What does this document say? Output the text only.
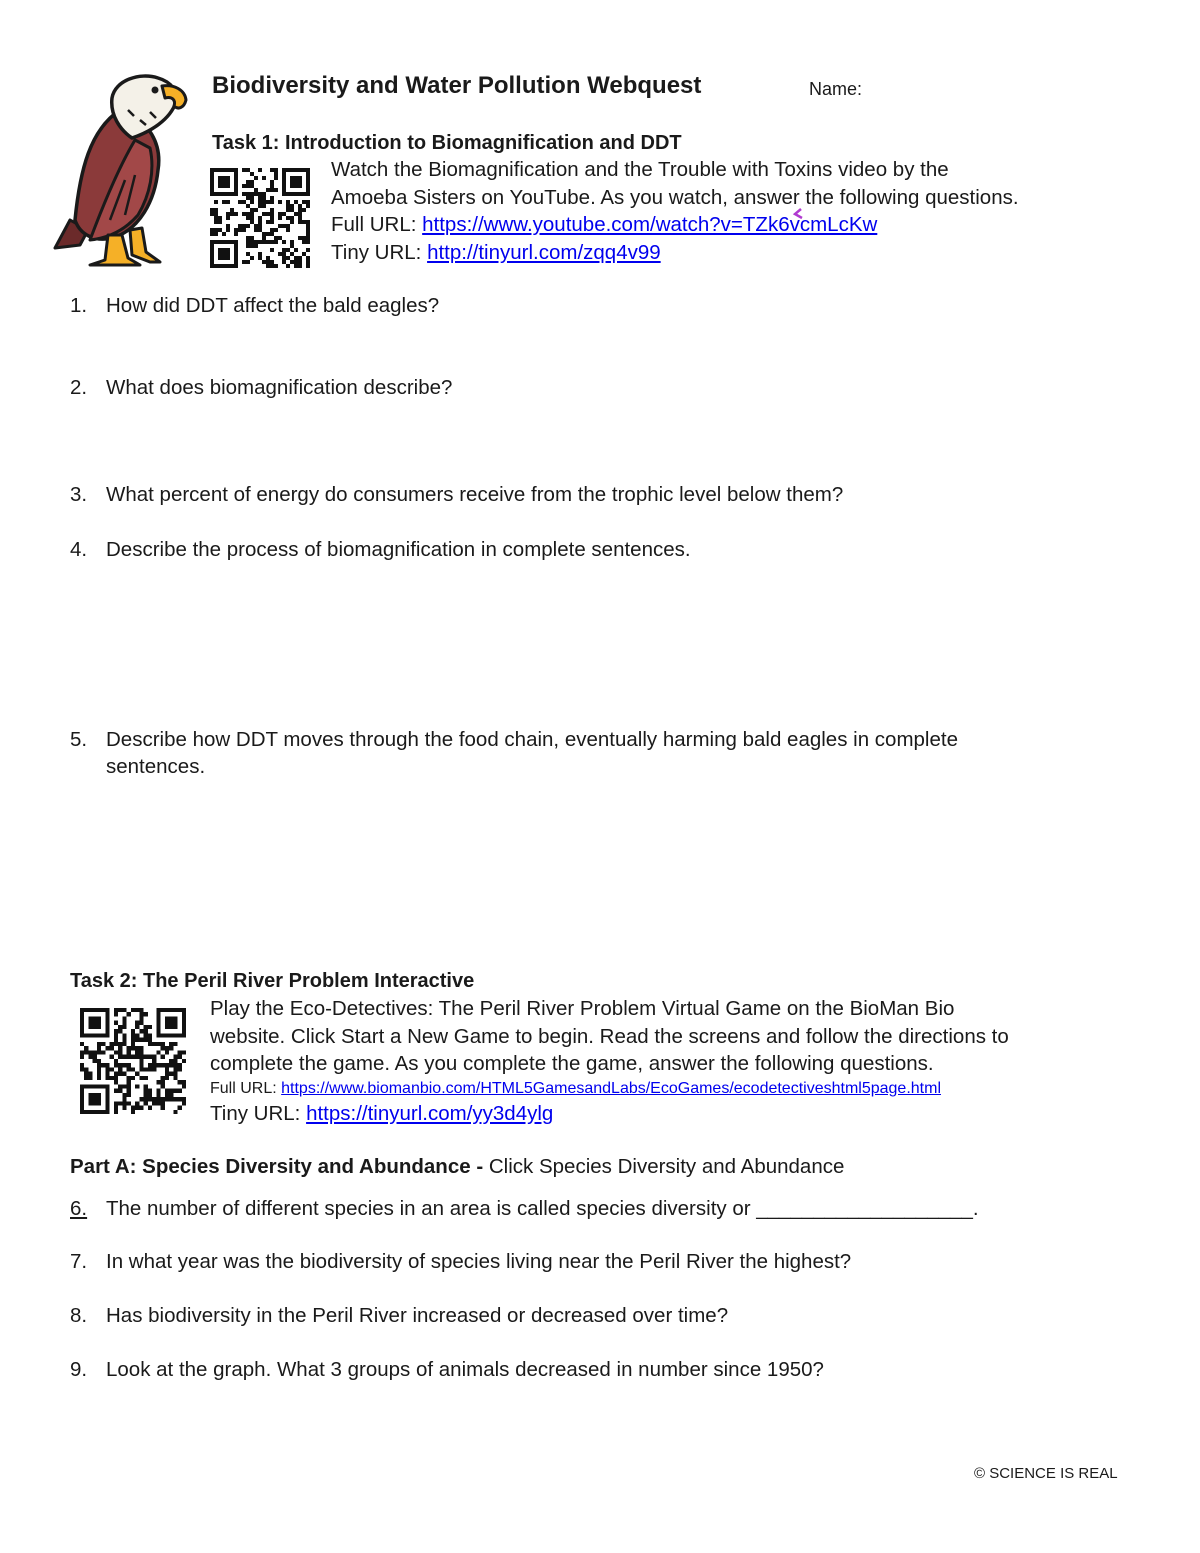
Biodiversity and Water Pollution Webquest	Name:
Task 1: Introduction to Biomagnification and DDT
Watch the Biomagnification and the Trouble with Toxins video by the
Amoeba Sisters on YouTube. As you watch, answer the following questions.
Full URL: https://www.youtube.com/watch?v=TZk6vcmLcKw
Tiny URL: http://tinyurl.com/zqq4v99
1. How did DDT affect the bald eagles?
2. What does biomagnification describe?
3. What percent of energy do consumers receive from the trophic level below them?
4. Describe the process of biomagnification in complete sentences.
5. Describe how DDT moves through the food chain, eventually harming bald eagles in complete
sentences.
Task 2: The Peril River Problem Interactive
Play the Eco-Detectives: The Peril River Problem Virtual Game on the BioMan Bio
website. Click Start a New Game to begin. Read the screens and follow the directions to
complete the game. As you complete the game, answer the following questions.
Full URL: https://www.biomanbio.com/HTML5GamesandLabs/EcoGames/ecodetectiveshtml5page.html
Tiny URL: https://tinyurl.com/yy3d4ylg
Part A: Species Diversity and Abundance - Click Species Diversity and Abundance
6. The number of different species in an area is called species diversity or ___________________.
7. In what year was the biodiversity of species living near the Peril River the highest?
8. Has biodiversity in the Peril River increased or decreased over time?
9. Look at the graph. What 3 groups of animals decreased in number since 1950?
© SCIENCE IS REAL
